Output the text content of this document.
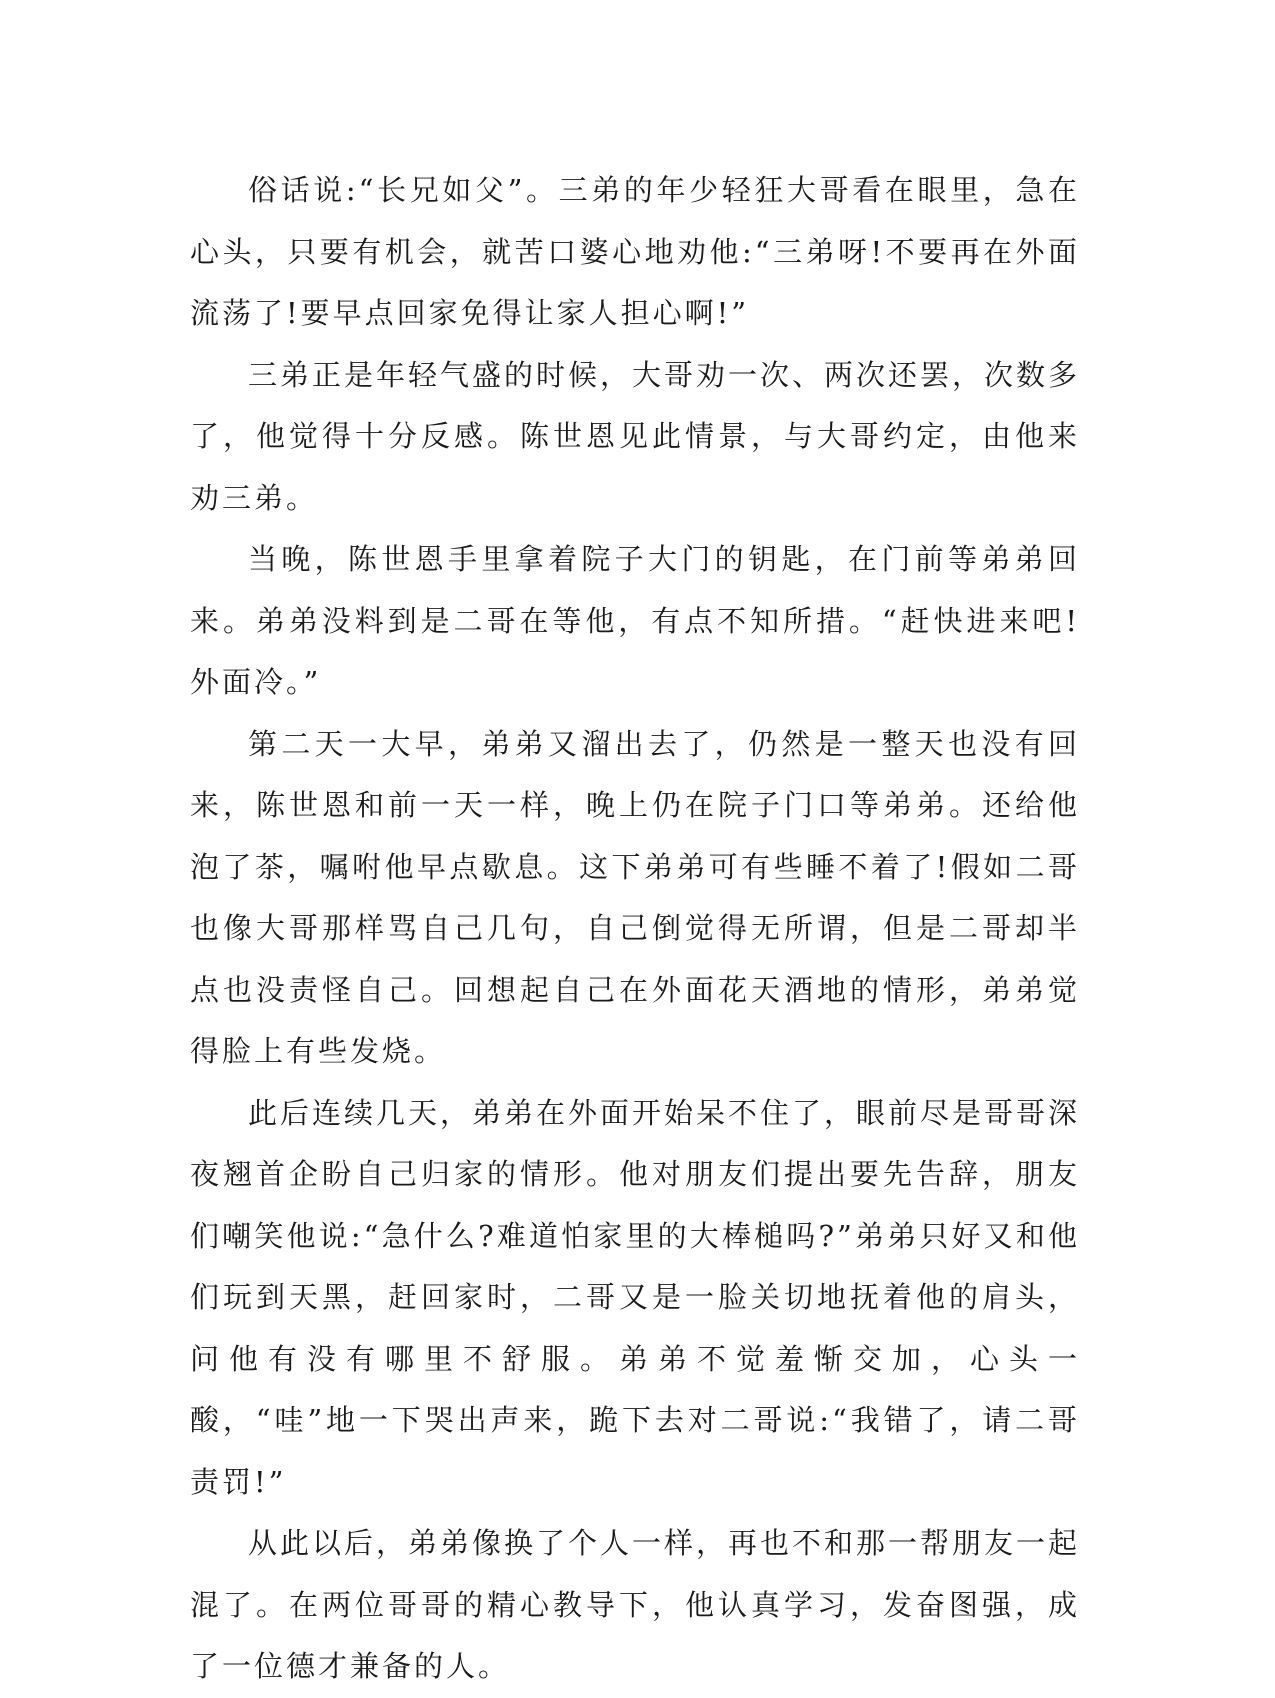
俗话说:“长兄如父”。三弟的年少轻狂大哥看在眼里，急在心头，只要有机会，就苦口婆心地劝他:“三弟呀!不要再在外面流荡了!要早点回家免得让家人担心啊!”

三弟正是年轻气盛的时候，大哥劝一次、两次还罢，次数多了，他觉得十分反感。陈世恩见此情景，与大哥约定，由他来劝三弟。

当晚，陈世恩手里拿着院子大门的钥匙，在门前等弟弟回来。弟弟没料到是二哥在等他，有点不知所措。“赶快进来吧!外面冷。”

第二天一大早，弟弟又溜出去了，仍然是一整天也没有回来，陈世恩和前一天一样，晚上仍在院子门口等弟弟。还给他泡了茶，嘱咐他早点歇息。这下弟弟可有些睡不着了!假如二哥也像大哥那样骂自己几句，自己倒觉得无所谓，但是二哥却半点也没责怪自己。回想起自己在外面花天酒地的情形，弟弟觉得脸上有些发烧。

此后连续几天，弟弟在外面开始呆不住了，眼前尽是哥哥深夜翘首企盼自己归家的情形。他对朋友们提出要先告辞，朋友们嘲笑他说:“急什么?难道怕家里的大棒槌吗?”弟弟只好又和他们玩到天黑，赶回家时，二哥又是一脸关切地抚着他的肩头，问他有没有哪里不舒服。弟弟不觉羞惭交加，心头一酸，“哇”地一下哭出声来，跪下去对二哥说:“我错了，请二哥责罚!”

从此以后，弟弟像换了个人一样，再也不和那一帮朋友一起混了。在两位哥哥的精心教导下，他认真学习，发奋图强，成了一位德才兼备的人。
